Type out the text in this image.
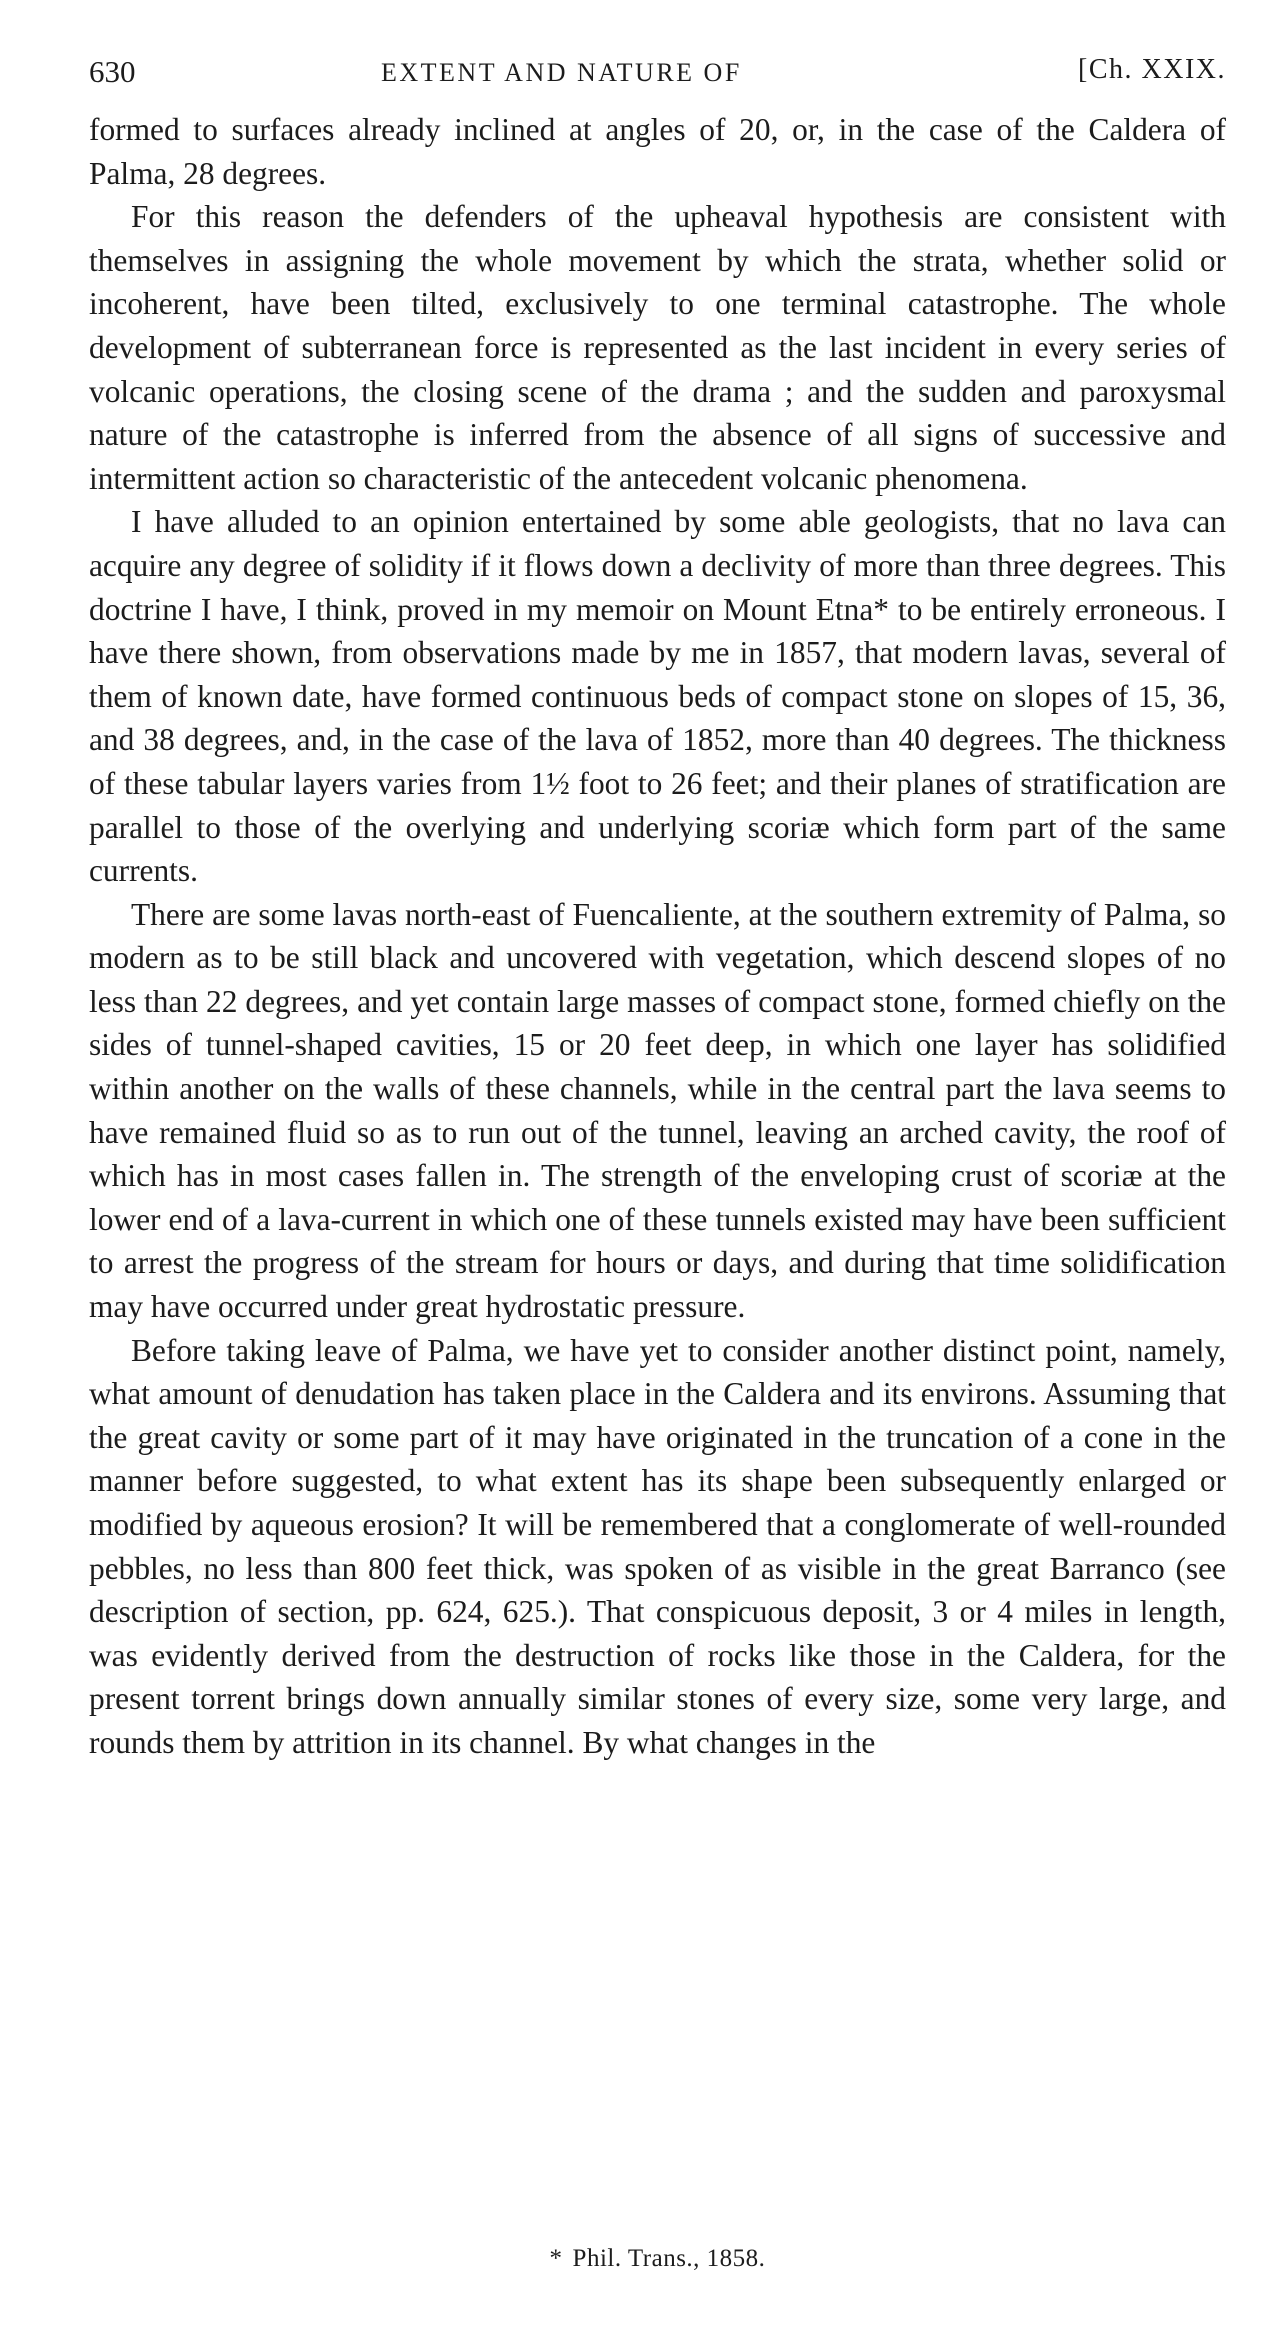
630	EXTENT AND NATURE OF	[Ch. XXIX.

formed to surfaces already inclined at angles of 20, or, in the case of the Caldera of Palma, 28 degrees.

For this reason the defenders of the upheaval hypothesis are consistent with themselves in assigning the whole movement by which the strata, whether solid or incoherent, have been tilted, exclusively to one terminal catastrophe. The whole development of subterranean force is represented as the last incident in every series of volcanic operations, the closing scene of the drama ; and the sudden and paroxysmal nature of the catastrophe is inferred from the absence of all signs of successive and intermittent action so characteristic of the antecedent volcanic phenomena.

I have alluded to an opinion entertained by some able geologists, that no lava can acquire any degree of solidity if it flows down a declivity of more than three degrees. This doctrine I have, I think, proved in my memoir on Mount Etna* to be entirely erroneous. I have there shown, from observations made by me in 1857, that modern lavas, several of them of known date, have formed continuous beds of compact stone on slopes of 15, 36, and 38 degrees, and, in the case of the lava of 1852, more than 40 degrees. The thickness of these tabular layers varies from 1½ foot to 26 feet; and their planes of stratification are parallel to those of the overlying and underlying scoriæ which form part of the same currents.

There are some lavas north-east of Fuencaliente, at the southern extremity of Palma, so modern as to be still black and uncovered with vegetation, which descend slopes of no less than 22 degrees, and yet contain large masses of compact stone, formed chiefly on the sides of tunnel-shaped cavities, 15 or 20 feet deep, in which one layer has solidified within another on the walls of these channels, while in the central part the lava seems to have remained fluid so as to run out of the tunnel, leaving an arched cavity, the roof of which has in most cases fallen in. The strength of the enveloping crust of scoriæ at the lower end of a lava-current in which one of these tunnels existed may have been sufficient to arrest the progress of the stream for hours or days, and during that time solidification may have occurred under great hydrostatic pressure.

Before taking leave of Palma, we have yet to consider another distinct point, namely, what amount of denudation has taken place in the Caldera and its environs. Assuming that the great cavity or some part of it may have originated in the truncation of a cone in the manner before suggested, to what extent has its shape been subsequently enlarged or modified by aqueous erosion? It will be remembered that a conglomerate of well-rounded pebbles, no less than 800 feet thick, was spoken of as visible in the great Barranco (see description of section, pp. 624, 625.). That conspicuous deposit, 3 or 4 miles in length, was evidently derived from the destruction of rocks like those in the Caldera, for the present torrent brings down annually similar stones of every size, some very large, and rounds them by attrition in its channel. By what changes in the

* Phil. Trans., 1858.
